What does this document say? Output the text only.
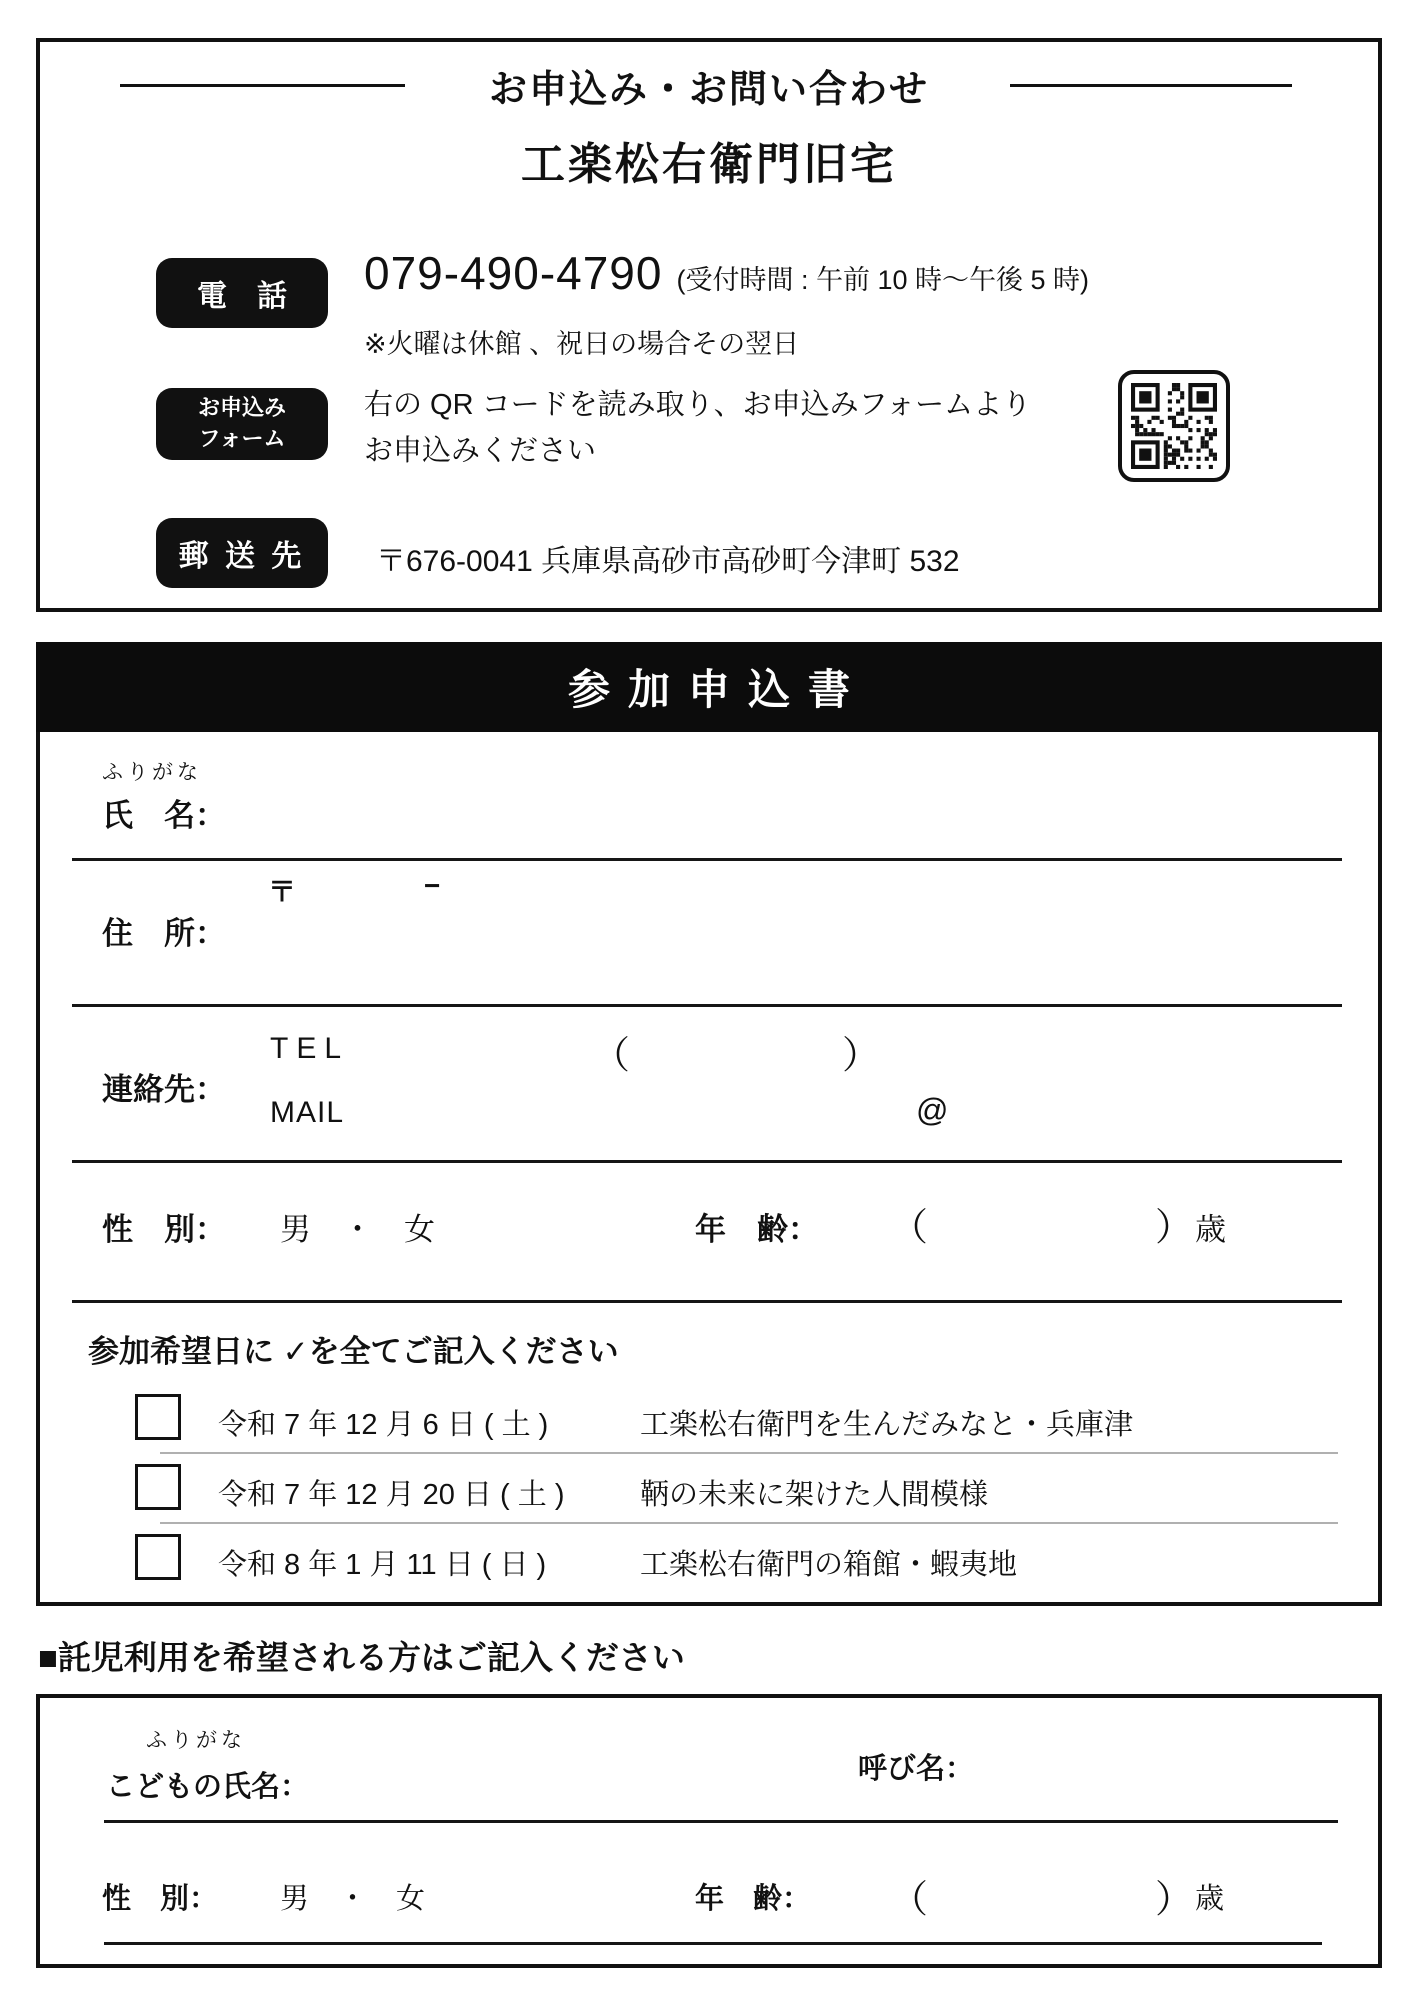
お申込み・お問い合わせ
工楽松右衛門旧宅
電　話 079-490-4790 (受付時間 : 午前 10 時〜午後 5 時)
※火曜は休館 、祝日の場合その翌日
お申込み
フォーム
右の QR コードを読み取り、お申込みフォームより
お申込みください
郵 送 先 〒676-0041 兵庫県高砂市高砂町今津町 532
参加申込書
ふりがな
氏　名：
〒	−
住　所：
連絡先：
TEL	（	）
MAIL	@
性　別： 男　・　女	年　齢： （	） 歳
参加希望日に ✓を全てご記入ください
令和 7 年 12 月 6 日 ( 土 )	工楽松右衛門を生んだみなと・兵庫津
令和 7 年 12 月 20 日 ( 土 )	鞆の未来に架けた人間模様
令和 8 年 1 月 11 日 ( 日 )	工楽松右衛門の箱館・蝦夷地
■託児利用を希望される方はご記入ください
ふりがな
こどもの氏名：
呼び名：
性　別： 男　・　女	年　齢： （	） 歳
